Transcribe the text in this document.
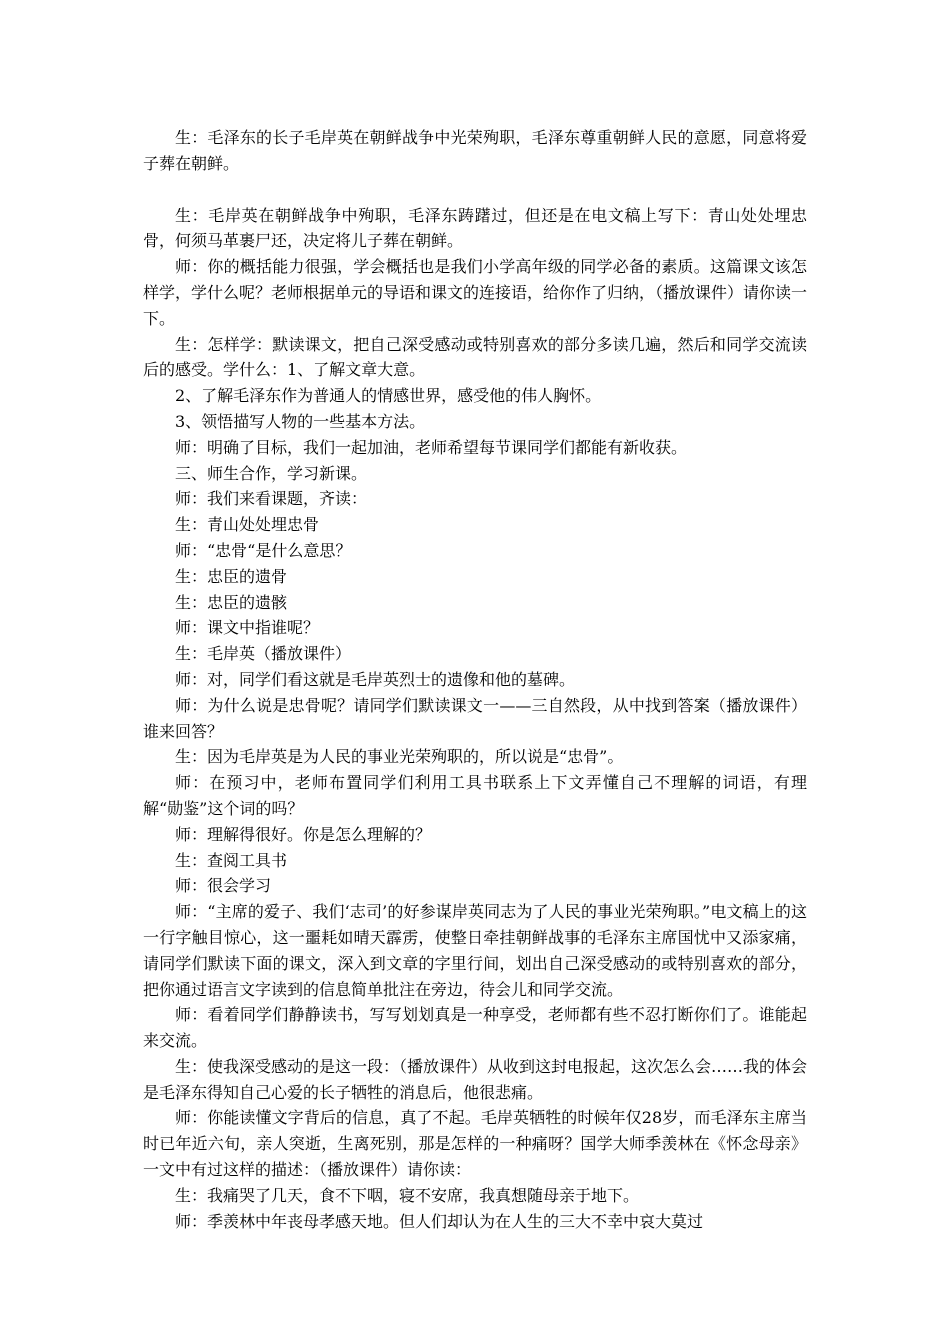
生：毛泽东的长子毛岸英在朝鲜战争中光荣殉职，毛泽东尊重朝鲜人民的意愿，同意将爱子葬在朝鲜。

生：毛岸英在朝鲜战争中殉职，毛泽东踌躇过，但还是在电文稿上写下：青山处处埋忠骨，何须马革裹尸还，决定将儿子葬在朝鲜。

师：你的概括能力很强，学会概括也是我们小学高年级的同学必备的素质。这篇课文该怎样学，学什么呢？老师根据单元的导语和课文的连接语，给你作了归纳，（播放课件）请你读一下。

生：怎样学：默读课文，把自己深受感动或特别喜欢的部分多读几遍，然后和同学交流读后的感受。学什么：1、了解文章大意。

2、了解毛泽东作为普通人的情感世界，感受他的伟人胸怀。

3、领悟描写人物的一些基本方法。

师：明确了目标，我们一起加油，老师希望每节课同学们都能有新收获。

三、师生合作，学习新课。

师：我们来看课题，齐读：

生：青山处处埋忠骨

师：“忠骨“是什么意思？

生：忠臣的遗骨

生：忠臣的遗骸

师：课文中指谁呢？

生：毛岸英（播放课件）

师：对，同学们看这就是毛岸英烈士的遗像和他的墓碑。

师：为什么说是忠骨呢？请同学们默读课文一——三自然段，从中找到答案（播放课件）谁来回答？

生：因为毛岸英是为人民的事业光荣殉职的，所以说是“忠骨”。

师：在预习中，老师布置同学们利用工具书联系上下文弄懂自己不理解的词语，有理解“勋鉴”这个词的吗？

师：理解得很好。你是怎么理解的？

生：查阅工具书

师：很会学习

师：“主席的爱子、我们‘志司’的好参谋岸英同志为了人民的事业光荣殉职。”电文稿上的这一行字触目惊心，这一噩耗如晴天霹雳，使整日牵挂朝鲜战事的毛泽东主席国忧中又添家痛，请同学们默读下面的课文，深入到文章的字里行间，划出自己深受感动的或特别喜欢的部分，把你通过语言文字读到的信息简单批注在旁边，待会儿和同学交流。

师：看着同学们静静读书，写写划划真是一种享受，老师都有些不忍打断你们了。谁能起来交流。

生：使我深受感动的是这一段：（播放课件）从收到这封电报起，这次怎么会……我的体会是毛泽东得知自己心爱的长子牺牲的消息后，他很悲痛。

师：你能读懂文字背后的信息，真了不起。毛岸英牺牲的时候年仅28岁，而毛泽东主席当时已年近六旬，亲人突逝，生离死别，那是怎样的一种痛呀？国学大师季羡林在《怀念母亲》一文中有过这样的描述：（播放课件）请你读：

生：我痛哭了几天，食不下咽，寝不安席，我真想随母亲于地下。

师：季羡林中年丧母孝感天地。但人们却认为在人生的三大不幸中哀大莫过
